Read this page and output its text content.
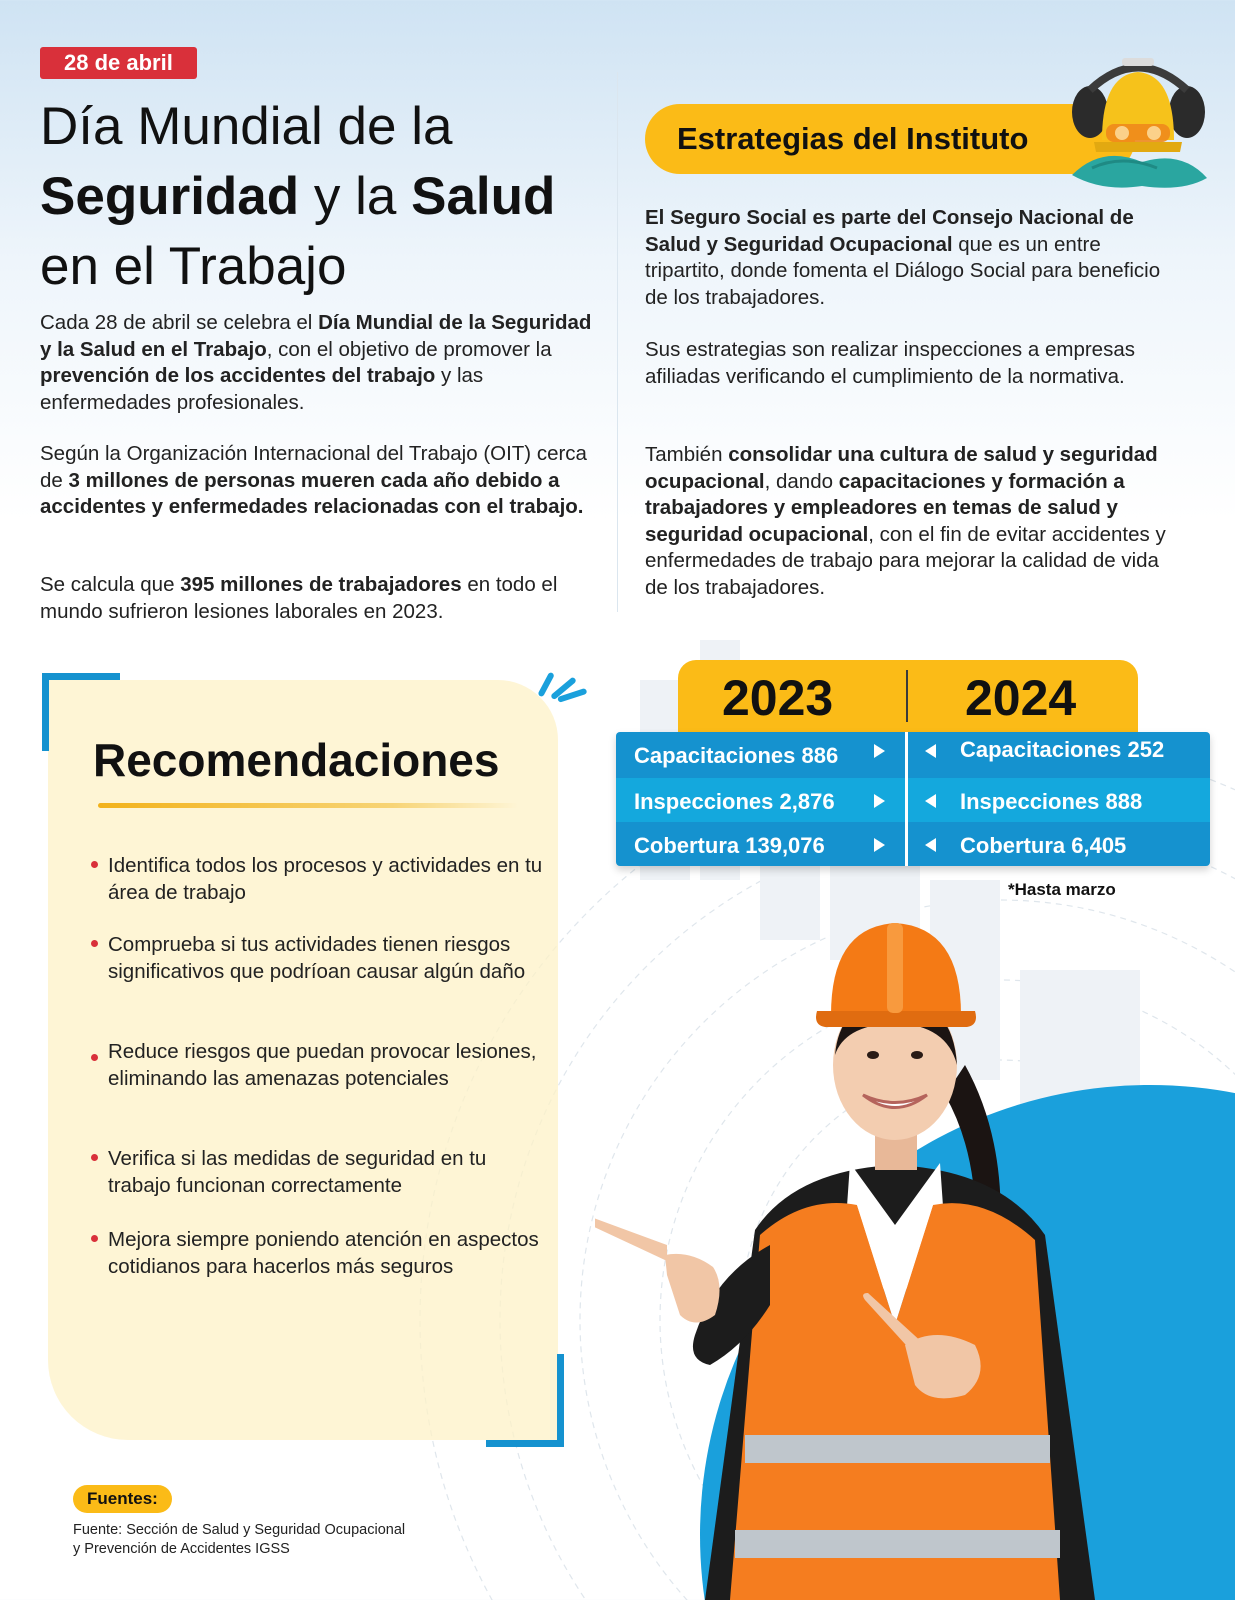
28 de abril
Día Mundial de la
Seguridad y la Salud
en el Trabajo

Cada 28 de abril se celebra el Día Mundial de la Seguridad y la Salud en el Trabajo, con el objetivo de promover la prevención de los accidentes del trabajo y las enfermedades profesionales.

Según la Organización Internacional del Trabajo (OIT) cerca de 3 millones de personas mueren cada año debido a accidentes y enfermedades relacionadas con el trabajo.

Se calcula que 395 millones de trabajadores en todo el mundo sufrieron lesiones laborales en 2023.

Estrategias del Instituto

El Seguro Social es parte del Consejo Nacional de Salud y Seguridad Ocupacional que es un entre tripartito, donde fomenta el Diálogo Social para beneficio de los trabajadores.

Sus estrategias son realizar inspecciones a empresas afiliadas verificando el cumplimiento de la normativa.

También consolidar una cultura de salud y seguridad ocupacional, dando capacitaciones y formación a trabajadores y empleadores en temas de salud y seguridad ocupacional, con el fin de evitar accidentes y enfermedades de trabajo para mejorar la calidad de vida de los trabajadores.

2023	2024
Capacitaciones 886
Inspecciones 2,876
Cobertura 139,076
Capacitaciones 252
Inspecciones 888
Cobertura 6,405
*Hasta marzo
Recomendaciones
Identifica todos los procesos y actividades en tu área de trabajo
Comprueba si tus actividades tienen riesgos significativos que podríoan causar algún daño
Reduce riesgos que puedan provocar lesiones, eliminando las amenazas potenciales
Verifica si las medidas de seguridad en tu trabajo funcionan correctamente
Mejora siempre poniendo atención en aspectos cotidianos para hacerlos más seguros
Fuentes:
Fuente: Sección de Salud y Seguridad Ocupacional
y Prevención de Accidentes IGSS
